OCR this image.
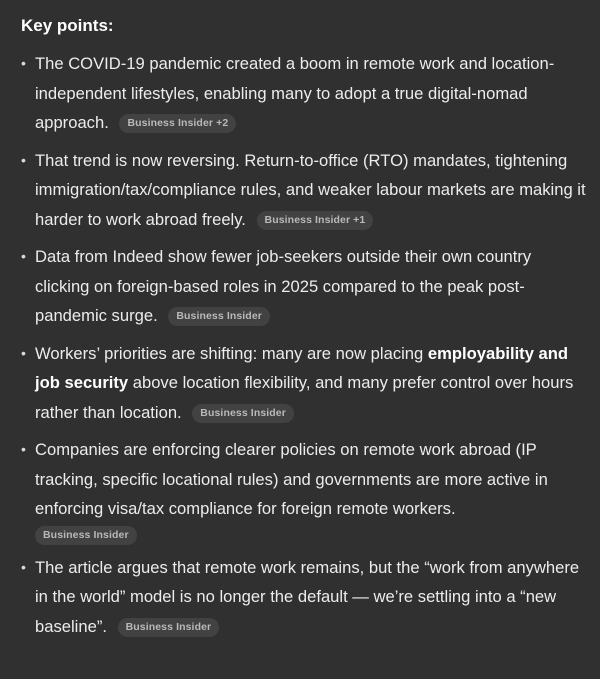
Key points:
• The COVID-19 pandemic created a boom in remote work and location-independent lifestyles, enabling many to adopt a true digital-nomad approach. Business Insider +2
• That trend is now reversing. Return-to-office (RTO) mandates, tightening immigration/tax/compliance rules, and weaker labour markets are making it harder to work abroad freely. Business Insider +1
• Data from Indeed show fewer job-seekers outside their own country clicking on foreign-based roles in 2025 compared to the peak post-pandemic surge. Business Insider
• Workers’ priorities are shifting: many are now placing employability and job security above location flexibility, and many prefer control over hours rather than location. Business Insider
• Companies are enforcing clearer policies on remote work abroad (IP tracking, specific locational rules) and governments are more active in enforcing visa/tax compliance for foreign remote workers.
Business Insider
• The article argues that remote work remains, but the “work from anywhere in the world” model is no longer the default — we’re settling into a “new baseline”. Business Insider
